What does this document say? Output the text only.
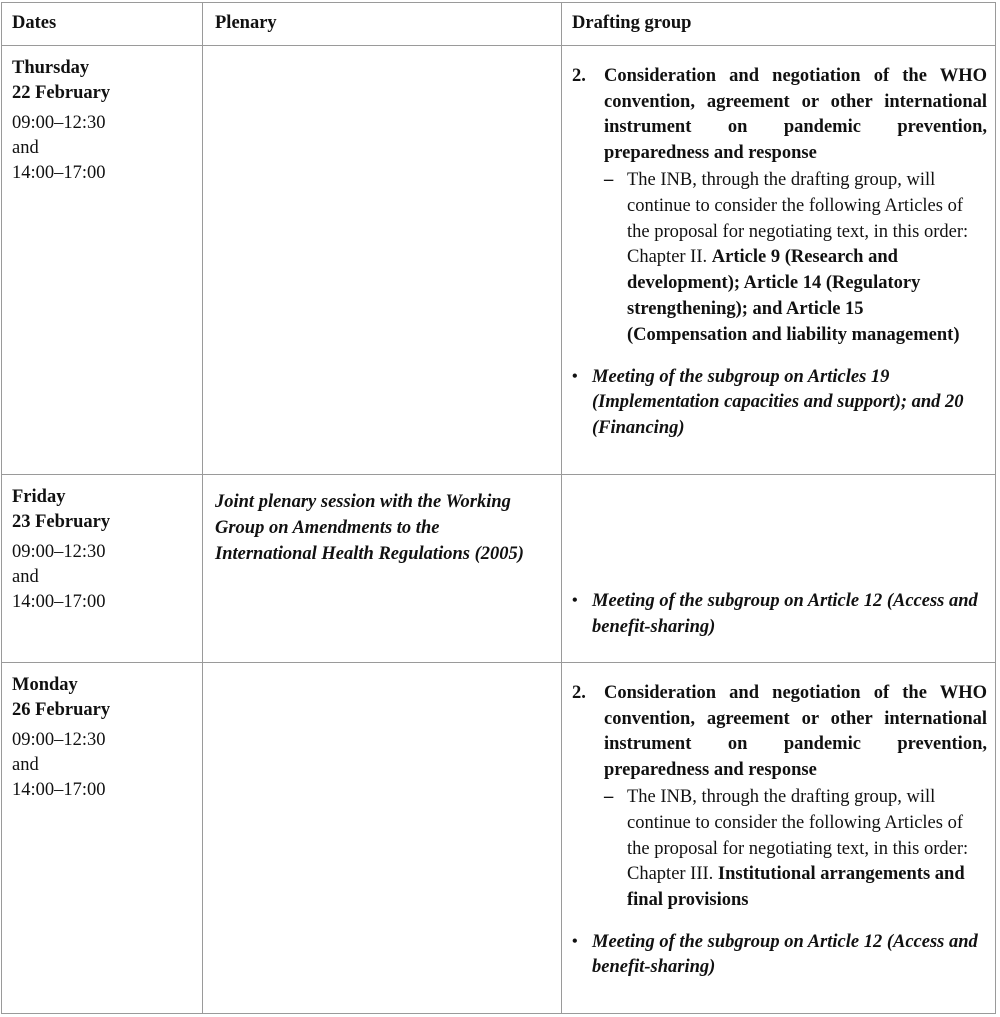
Dates	Plenary	Drafting group
Thursday
22 February
09:00–12:30
and
14:00–17:00
2. Consideration and negotiation of the WHO convention, agreement or other international instrument on pandemic prevention, preparedness and response
– The INB, through the drafting group, will continue to consider the following Articles of the proposal for negotiating text, in this order: Chapter II. Article 9 (Research and development); Article 14 (Regulatory strengthening); and Article 15 (Compensation and liability management)
• Meeting of the subgroup on Articles 19 (Implementation capacities and support); and 20 (Financing)
Friday
23 February
09:00–12:30
and
14:00–17:00
Joint plenary session with the Working Group on Amendments to the International Health Regulations (2005)
• Meeting of the subgroup on Article 12 (Access and benefit-sharing)
Monday
26 February
09:00–12:30
and
14:00–17:00
2. Consideration and negotiation of the WHO convention, agreement or other international instrument on pandemic prevention, preparedness and response
– The INB, through the drafting group, will continue to consider the following Articles of the proposal for negotiating text, in this order: Chapter III. Institutional arrangements and final provisions
• Meeting of the subgroup on Article 12 (Access and benefit-sharing)
